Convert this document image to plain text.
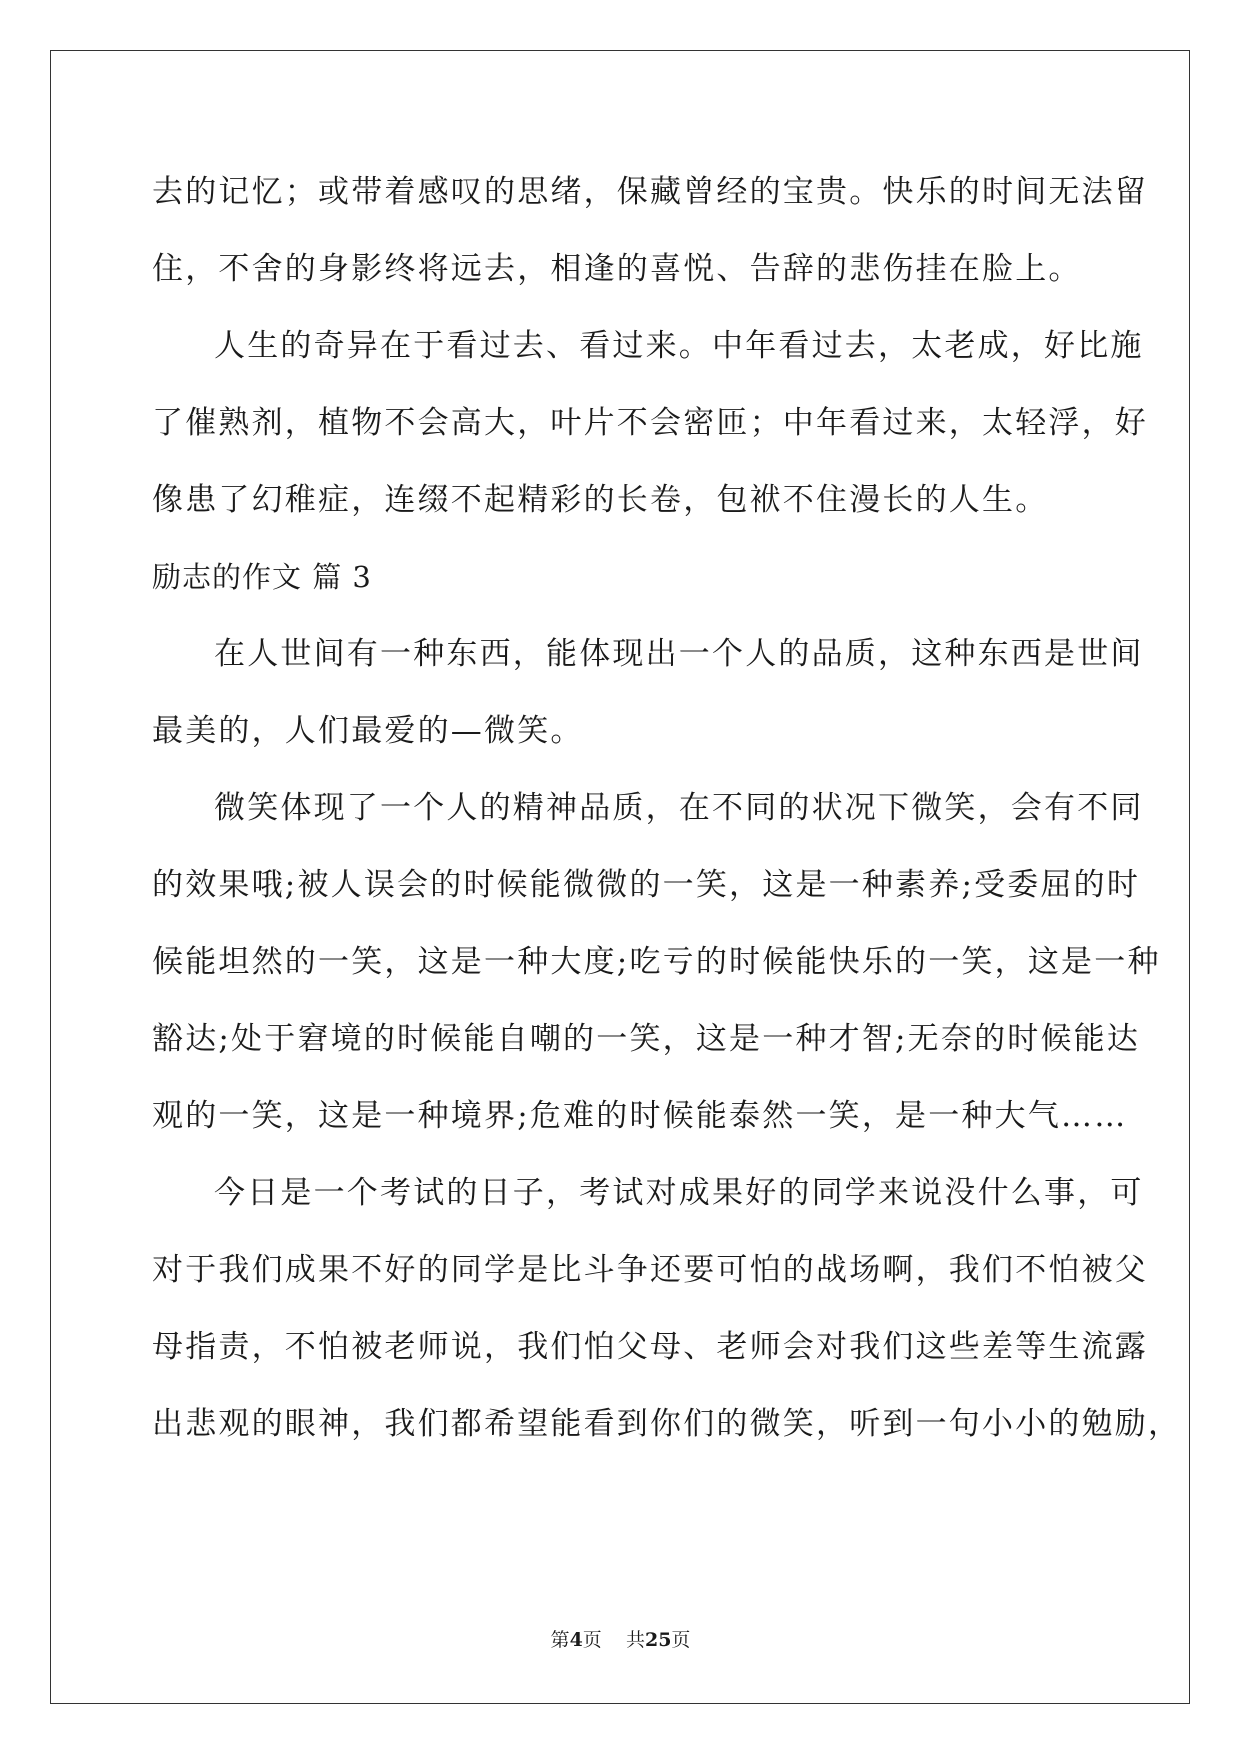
去的记忆；或带着感叹的思绪，保藏曾经的宝贵。快乐的时间无法留
住，不舍的身影终将远去，相逢的喜悦、告辞的悲伤挂在脸上。
人生的奇异在于看过去、看过来。中年看过去，太老成，好比施
了催熟剂，植物不会高大，叶片不会密匝；中年看过来，太轻浮，好
像患了幻稚症，连缀不起精彩的长卷，包袱不住漫长的人生。
励志的作文 篇 3
在人世间有一种东西，能体现出一个人的品质，这种东西是世间
最美的，人们最爱的—微笑。
微笑体现了一个人的精神品质，在不同的状况下微笑，会有不同
的效果哦;被人误会的时候能微微的一笑，这是一种素养;受委屈的时
候能坦然的一笑，这是一种大度;吃亏的时候能快乐的一笑，这是一种
豁达;处于窘境的时候能自嘲的一笑，这是一种才智;无奈的时候能达
观的一笑，这是一种境界;危难的时候能泰然一笑，是一种大气……
今日是一个考试的日子，考试对成果好的同学来说没什么事，可
对于我们成果不好的同学是比斗争还要可怕的战场啊，我们不怕被父
母指责，不怕被老师说，我们怕父母、老师会对我们这些差等生流露
出悲观的眼神，我们都希望能看到你们的微笑，听到一句小小的勉励，
第4页    共25页
